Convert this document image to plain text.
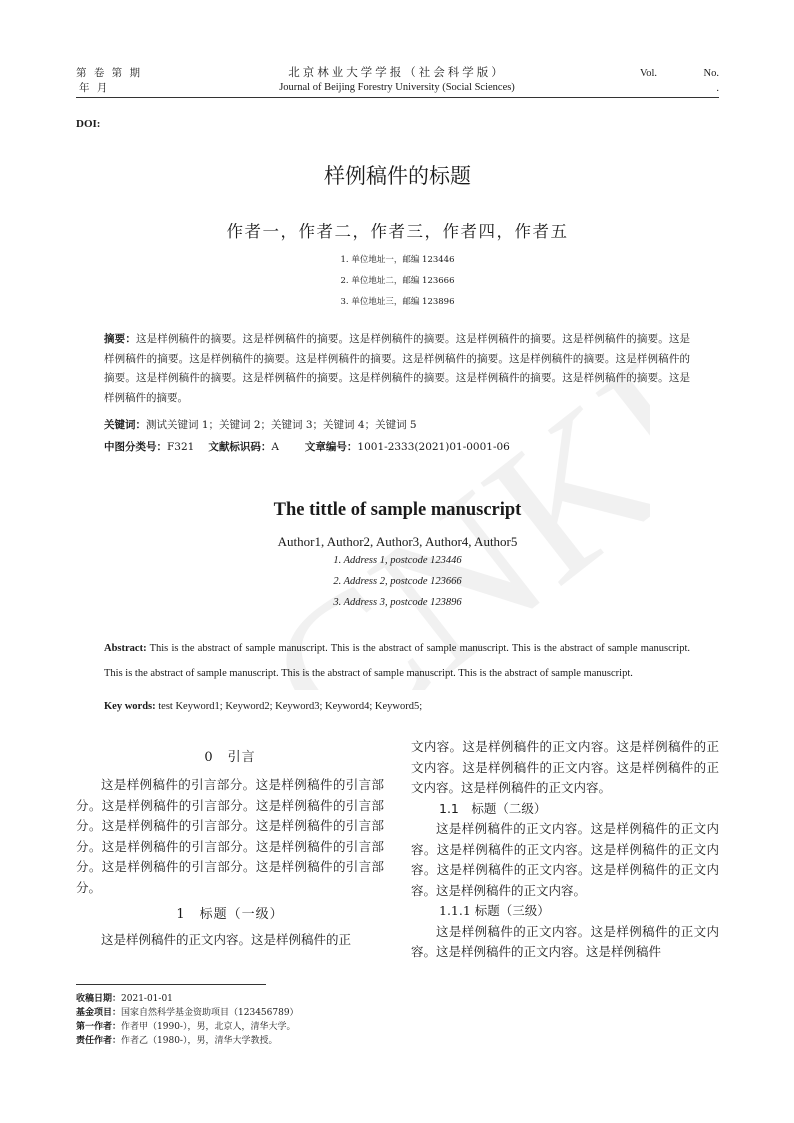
CNKI
第 卷 第 期
年 月
北京林业大学学报（社会科学版）
Journal of Beijing Forestry University (Social Sciences)
Vol.	No.
.
DOI:
样例稿件的标题
作者一，作者二，作者三，作者四，作者五
1. 单位地址一，邮编 123446
2. 单位地址二，邮编 123666
3. 单位地址三，邮编 123896
摘要：这是样例稿件的摘要。这是样例稿件的摘要。这是样例稿件的摘要。这是样例稿件的摘要。这是样例稿件的摘要。这是样例稿件的摘要。这是样例稿件的摘要。这是样例稿件的摘要。这是样例稿件的摘要。这是样例稿件的摘要。这是样例稿件的摘要。这是样例稿件的摘要。这是样例稿件的摘要。这是样例稿件的摘要。这是样例稿件的摘要。这是样例稿件的摘要。这是样例稿件的摘要。
关键词：测试关键词 1；关键词 2；关键词 3；关键词 4；关键词 5
中图分类号：F321 文献标识码：A 文章编号：1001-2333(2021)01-0001-06
The tittle of sample manuscript
Author1, Author2, Author3, Author4, Author5
1. Address 1, postcode 123446
2. Address 2, postcode 123666
3. Address 3, postcode 123896
Abstract: This is the abstract of sample manuscript. This is the abstract of sample manuscript. This is the abstract of sample manuscript. This is the abstract of sample manuscript. This is the abstract of sample manuscript. This is the abstract of sample manuscript.
Key words: test Keyword1; Keyword2; Keyword3; Keyword4; Keyword5;

0　引言

这是样例稿件的引言部分。这是样例稿件的引言部分。这是样例稿件的引言部分。这是样例稿件的引言部分。这是样例稿件的引言部分。这是样例稿件的引言部分。这是样例稿件的引言部分。这是样例稿件的引言部分。这是样例稿件的引言部分。这是样例稿件的引言部分。

1　标题（一级）

这是样例稿件的正文内容。这是样例稿件的正

文内容。这是样例稿件的正文内容。这是样例稿件的正文内容。这是样例稿件的正文内容。这是样例稿件的正文内容。这是样例稿件的正文内容。

1.1　标题（二级）

这是样例稿件的正文内容。这是样例稿件的正文内容。这是样例稿件的正文内容。这是样例稿件的正文内容。这是样例稿件的正文内容。这是样例稿件的正文内容。这是样例稿件的正文内容。

1.1.1 标题（三级）

这是样例稿件的正文内容。这是样例稿件的正文内容。这是样例稿件的正文内容。这是样例稿件

收稿日期：2021-01-01
基金项目：国家自然科学基金资助项目（123456789）
第一作者：作者甲（1990-），男，北京人，清华大学。
责任作者：作者乙（1980-），男，清华大学教授。
